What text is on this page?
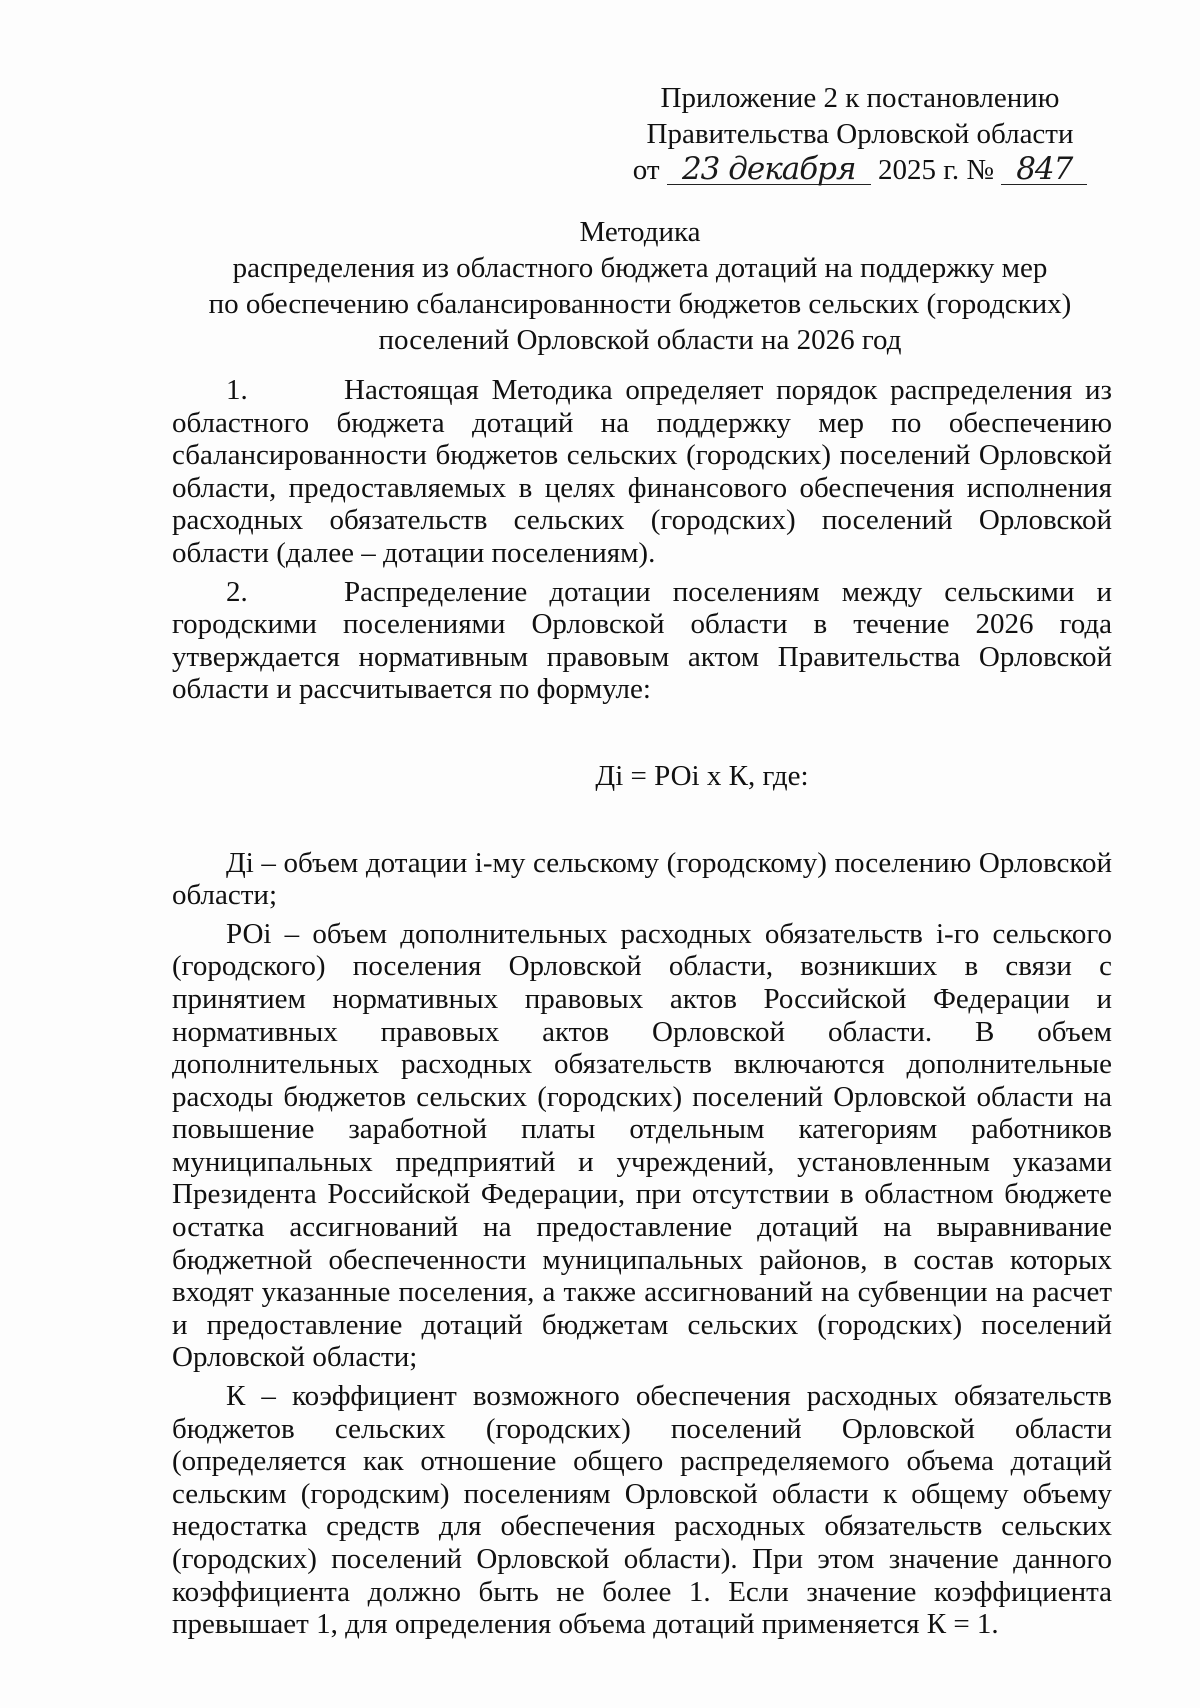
Приложение 2 к постановлению
Правительства Орловской области
от 23 декабря 2025 г. № 847
Методика
распределения из областного бюджета дотаций на поддержку мер
по обеспечению сбалансированности бюджетов сельских (городских)
поселений Орловской области на 2026 год

1.	Настоящая Методика определяет порядок распределения из областного бюджета дотаций на поддержку мер по обеспечению сбалансированности бюджетов сельских (городских) поселений Орловской области, предоставляемых в целях финансового обеспечения исполнения расходных обязательств сельских (городских) поселений Орловской области (далее – дотации поселениям).

2.	Распределение дотации поселениям между сельскими и городскими поселениями Орловской области в течение 2026 года утверждается нормативным правовым актом Правительства Орловской области и рассчитывается по формуле:

Дi = РОi x К, где:

Дi – объем дотации i-му сельскому (городскому) поселению Орловской области;

РОi – объем дополнительных расходных обязательств i-го сельского (городского) поселения Орловской области, возникших в связи с принятием нормативных правовых актов Российской Федерации и нормативных правовых актов Орловской области. В объем дополнительных расходных обязательств включаются дополнительные расходы бюджетов сельских (городских) поселений Орловской области на повышение заработной платы отдельным категориям работников муниципальных предприятий и учреждений, установленным указами Президента Российской Федерации, при отсутствии в областном бюджете остатка ассигнований на предоставление дотаций на выравнивание бюджетной обеспеченности муниципальных районов, в состав которых входят указанные поселения, а также ассигнований на субвенции на расчет и предоставление дотаций бюджетам сельских (городских) поселений Орловской области;

К – коэффициент возможного обеспечения расходных обязательств бюджетов сельских (городских) поселений Орловской области (определяется как отношение общего распределяемого объема дотаций сельским (городским) поселениям Орловской области к общему объему недостатка средств для обеспечения расходных обязательств сельских (городских) поселений Орловской области). При этом значение данного коэффициента должно быть не более 1. Если значение коэффициента превышает 1, для определения объема дотаций применяется К = 1.
